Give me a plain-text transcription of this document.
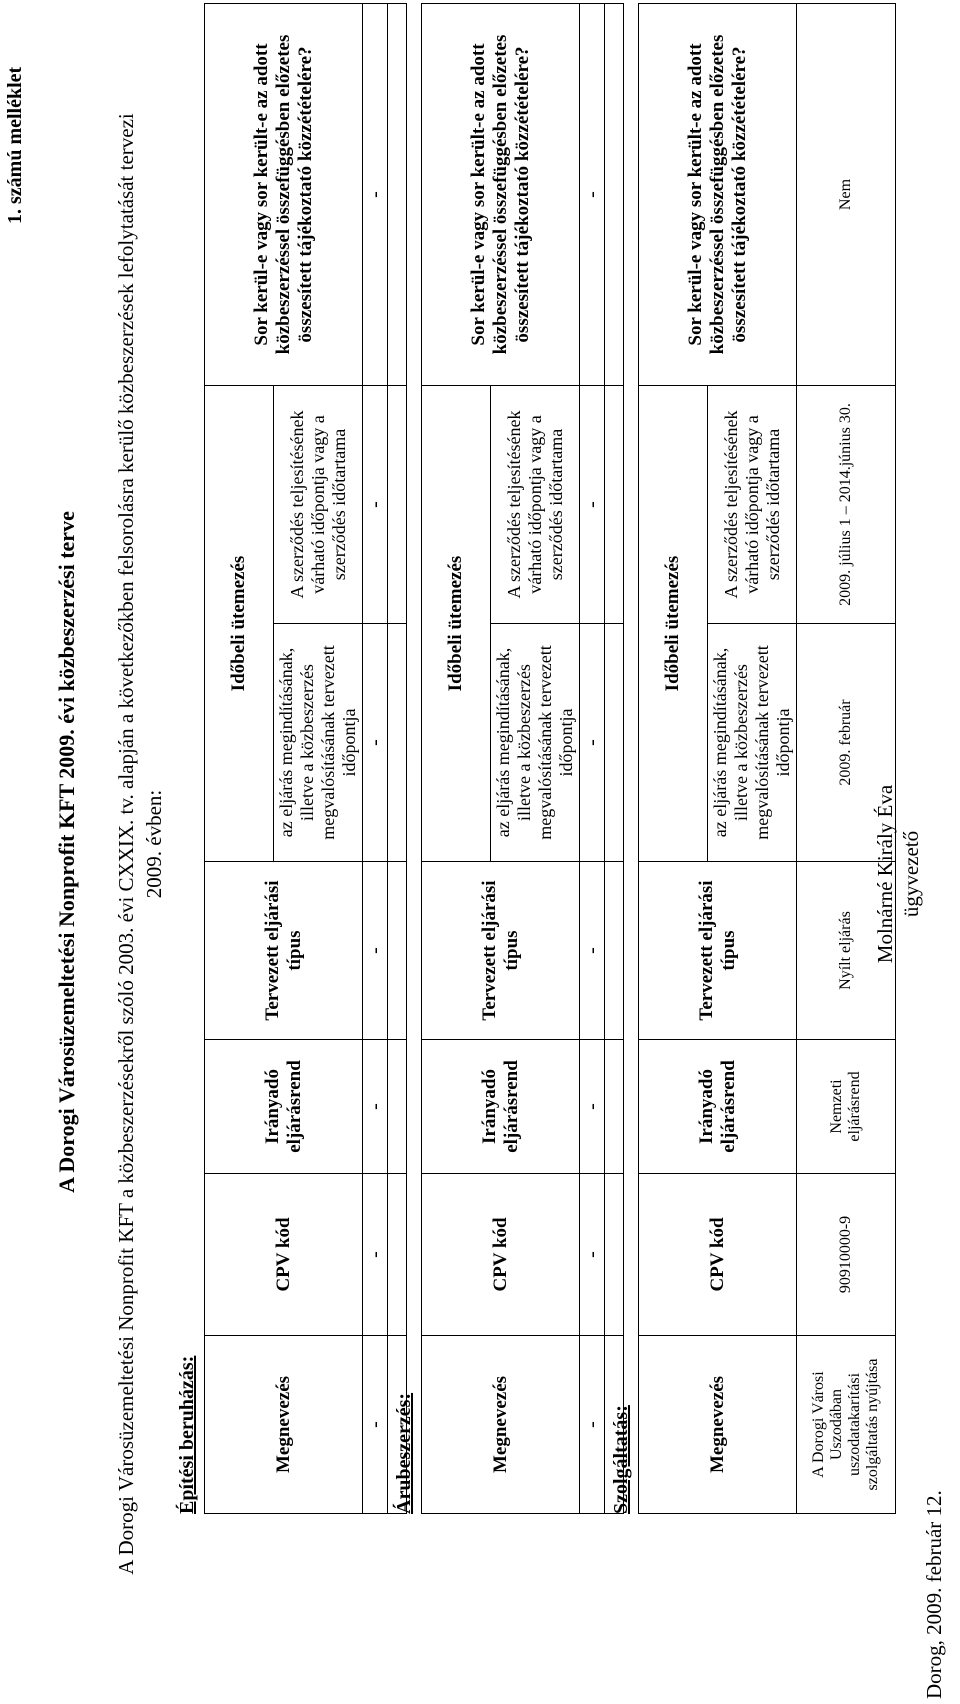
1. számú melléklet
A Dorogi Városüzemeltetési Nonprofit KFT 2009. évi közbeszerzési terve A Dorogi Városüzemeltetési Nonprofit KFT a közbeszerzésekről szóló 2003. évi CXXIX. tv. alapján a következőkben felsorolásra kerülő közbeszerzések lefolytatását tervezi 2009. évben:
Építési beruházás:	Megnevezés	CPV kód	Irányadó eljárásrend	Tervezett eljárási típus	Időbeli ütemezés		Sor kerül-e vagy sor került-e az adott közbeszerzéssel összefüggésben előzetes összesített tájékoztató közzétételére?
				az eljárás megindításának, illetve a közbeszerzés megvalósításának tervezett időpontja	A szerződés teljesítésének várható időpontja vagy a szerződés időtartama	
-	-	-	-	-	-	-

Árubeszerzés:	Megnevezés	CPV kód	Irányadó eljárásrend	Tervezett eljárási típus	Időbeli ütemezés		Sor kerül-e vagy sor került-e az adott közbeszerzéssel összefüggésben előzetes összesített tájékoztató közzétételére?
				az eljárás megindításának, illetve a közbeszerzés megvalósításának tervezett időpontja	A szerződés teljesítésének várható időpontja vagy a szerződés időtartama	
-	-	-	-	-	-	-

Szolgáltatás:	Megnevezés	CPV kód	Irányadó eljárásrend	Tervezett eljárási típus	Időbeli ütemezés		Sor kerül-e vagy sor került-e az adott közbeszerzéssel összefüggésben előzetes összesített tájékoztató közzétételére?
				az eljárás megindításának, illetve a közbeszerzés megvalósításának tervezett időpontja	A szerződés teljesítésének várható időpontja vagy a szerződés időtartama	
A Dorogi Városi Uszodában uszodatakarítási szolgáltatás nyújtása	90910000-9	Nemzeti eljárásrend	Nyílt eljárás	2009. február	2009. július 1 – 2014.június 30.	Nem
Dorog, 2009. február 12.
Molnárné Király Éva ügyvezető
